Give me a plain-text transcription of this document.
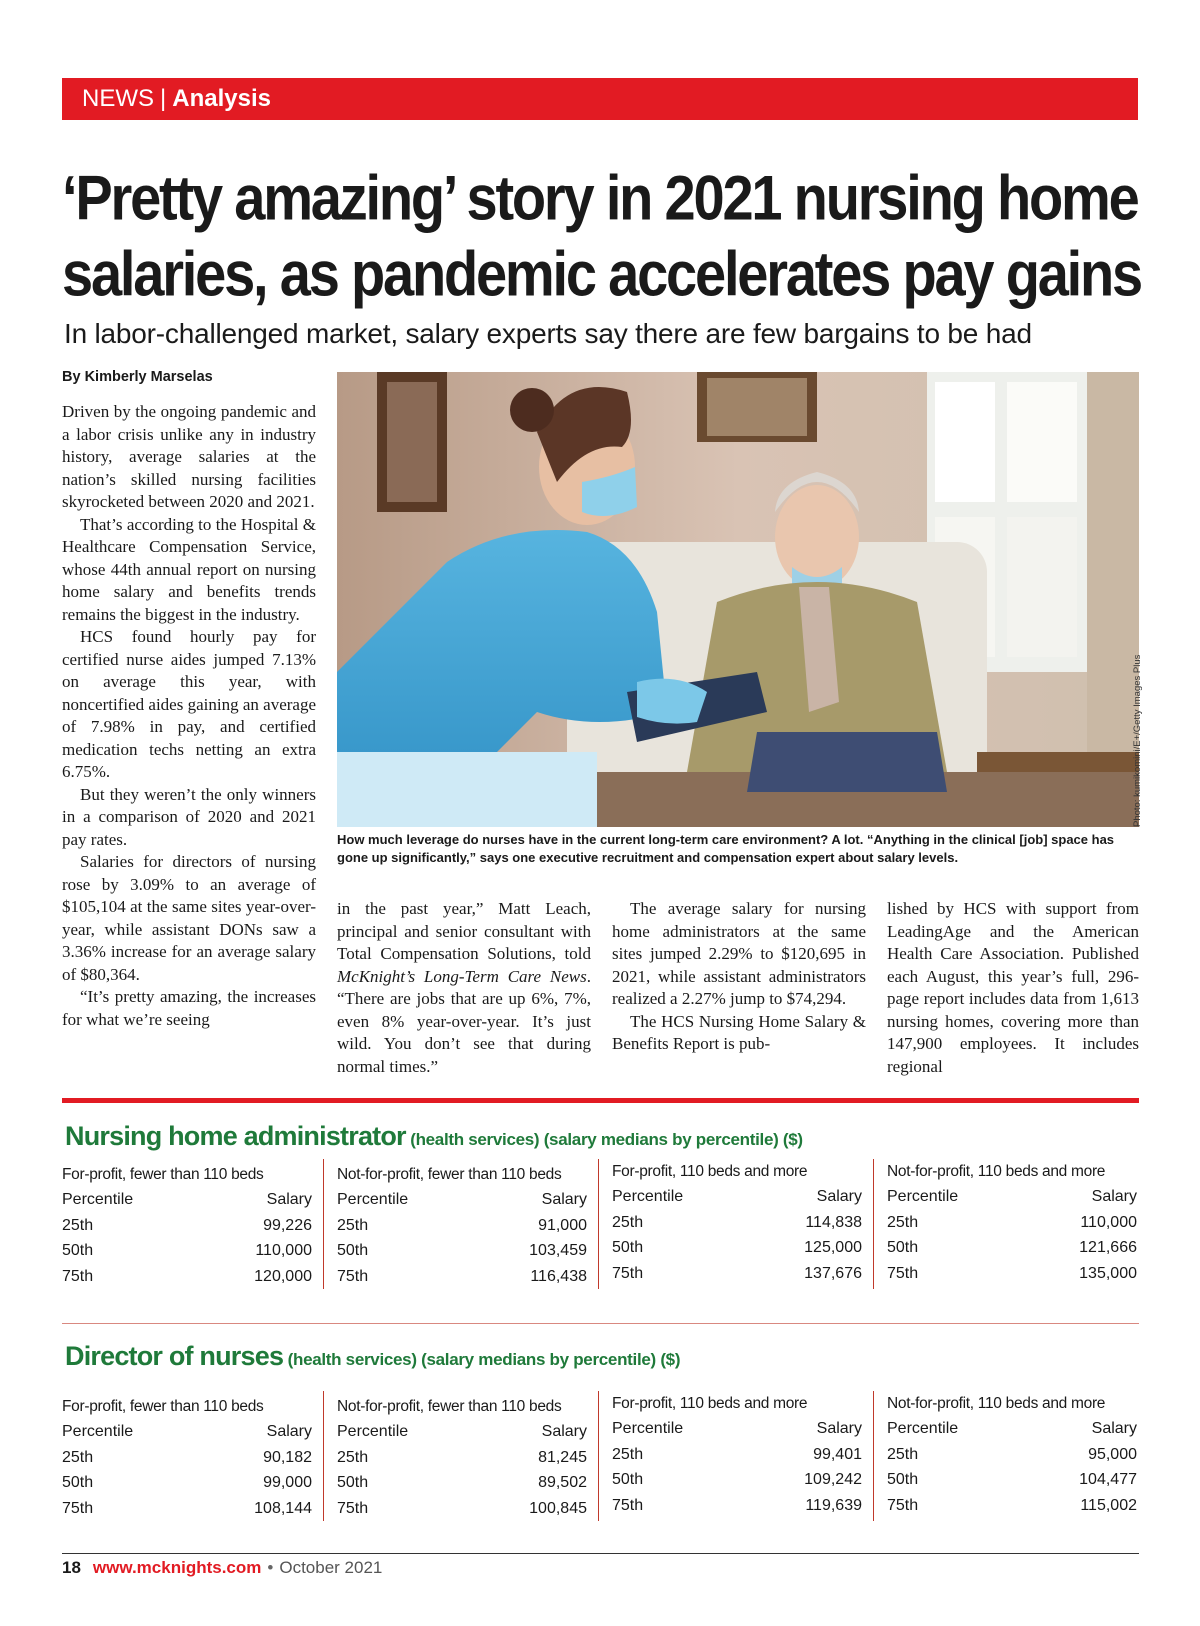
NEWS | Analysis
‘Pretty amazing’ story in 2021 nursing home salaries, as pandemic accelerates pay gains
In labor-challenged market, salary experts say there are few bargains to be had
By Kimberly Marselas

Driven by the ongoing pandemic and a labor crisis unlike any in industry history, average salaries at the nation’s skilled nursing facilities skyrocketed between 2020 and 2021.

That’s according to the Hospital & Healthcare Compensation Service, whose 44th annual report on nursing home salary and benefits trends remains the biggest in the industry.

HCS found hourly pay for certified nurse aides jumped 7.13% on average this year, with noncertified aides gaining an average of 7.98% in pay, and certified medication techs netting an extra 6.75%.

But they weren’t the only winners in a comparison of 2020 and 2021 pay rates.

Salaries for directors of nursing rose by 3.09% to an average of $105,104 at the same sites year-over-year, while assistant DONs saw a 3.36% increase for an average salary of $80,364.

“It’s pretty amazing, the increases for what we’re seeing

Photo: kumikomini/E+/Getty Images Plus
How much leverage do nurses have in the current long-term care environment? A lot. “Anything in the clinical [job] space has gone up significantly,” says one executive recruitment and compensation expert about salary levels.

in the past year,” Matt Leach, principal and senior consultant with Total Compensation Solutions, told McKnight’s Long-Term Care News. “There are jobs that are up 6%, 7%, even 8% year-over-year. It’s just wild. You don’t see that during normal times.”

The average salary for nursing home administrators at the same sites jumped 2.29% to $120,695 in 2021, while assistant administrators realized a 2.27% jump to $74,294.

The HCS Nursing Home Salary & Benefits Report is pub-

lished by HCS with support from LeadingAge and the American Health Care Association. Published each August, this year’s full, 296-page report includes data from 1,613 nursing homes, covering more than 147,900 employees. It includes regional

Nursing home administrator (health services) (salary medians by percentile) ($)
For-profit, fewer than 110 beds
Percentile	Salary
25th	99,226
50th	110,000
75th	120,000
Not-for-profit, fewer than 110 beds
Percentile	Salary
25th	91,000
50th	103,459
75th	116,438
For-profit, 110 beds and more
Percentile	Salary
25th	114,838
50th	125,000
75th	137,676
Not-for-profit, 110 beds and more
Percentile	Salary
25th	110,000
50th	121,666
75th	135,000
Director of nurses (health services) (salary medians by percentile) ($)
For-profit, fewer than 110 beds
Percentile	Salary
25th	90,182
50th	99,000
75th	108,144
Not-for-profit, fewer than 110 beds
Percentile	Salary
25th	81,245
50th	89,502
75th	100,845
For-profit, 110 beds and more
Percentile	Salary
25th	99,401
50th	109,242
75th	119,639
Not-for-profit, 110 beds and more
Percentile	Salary
25th	95,000
50th	104,477
75th	115,002
18 www.mcknights.com • October 2021
